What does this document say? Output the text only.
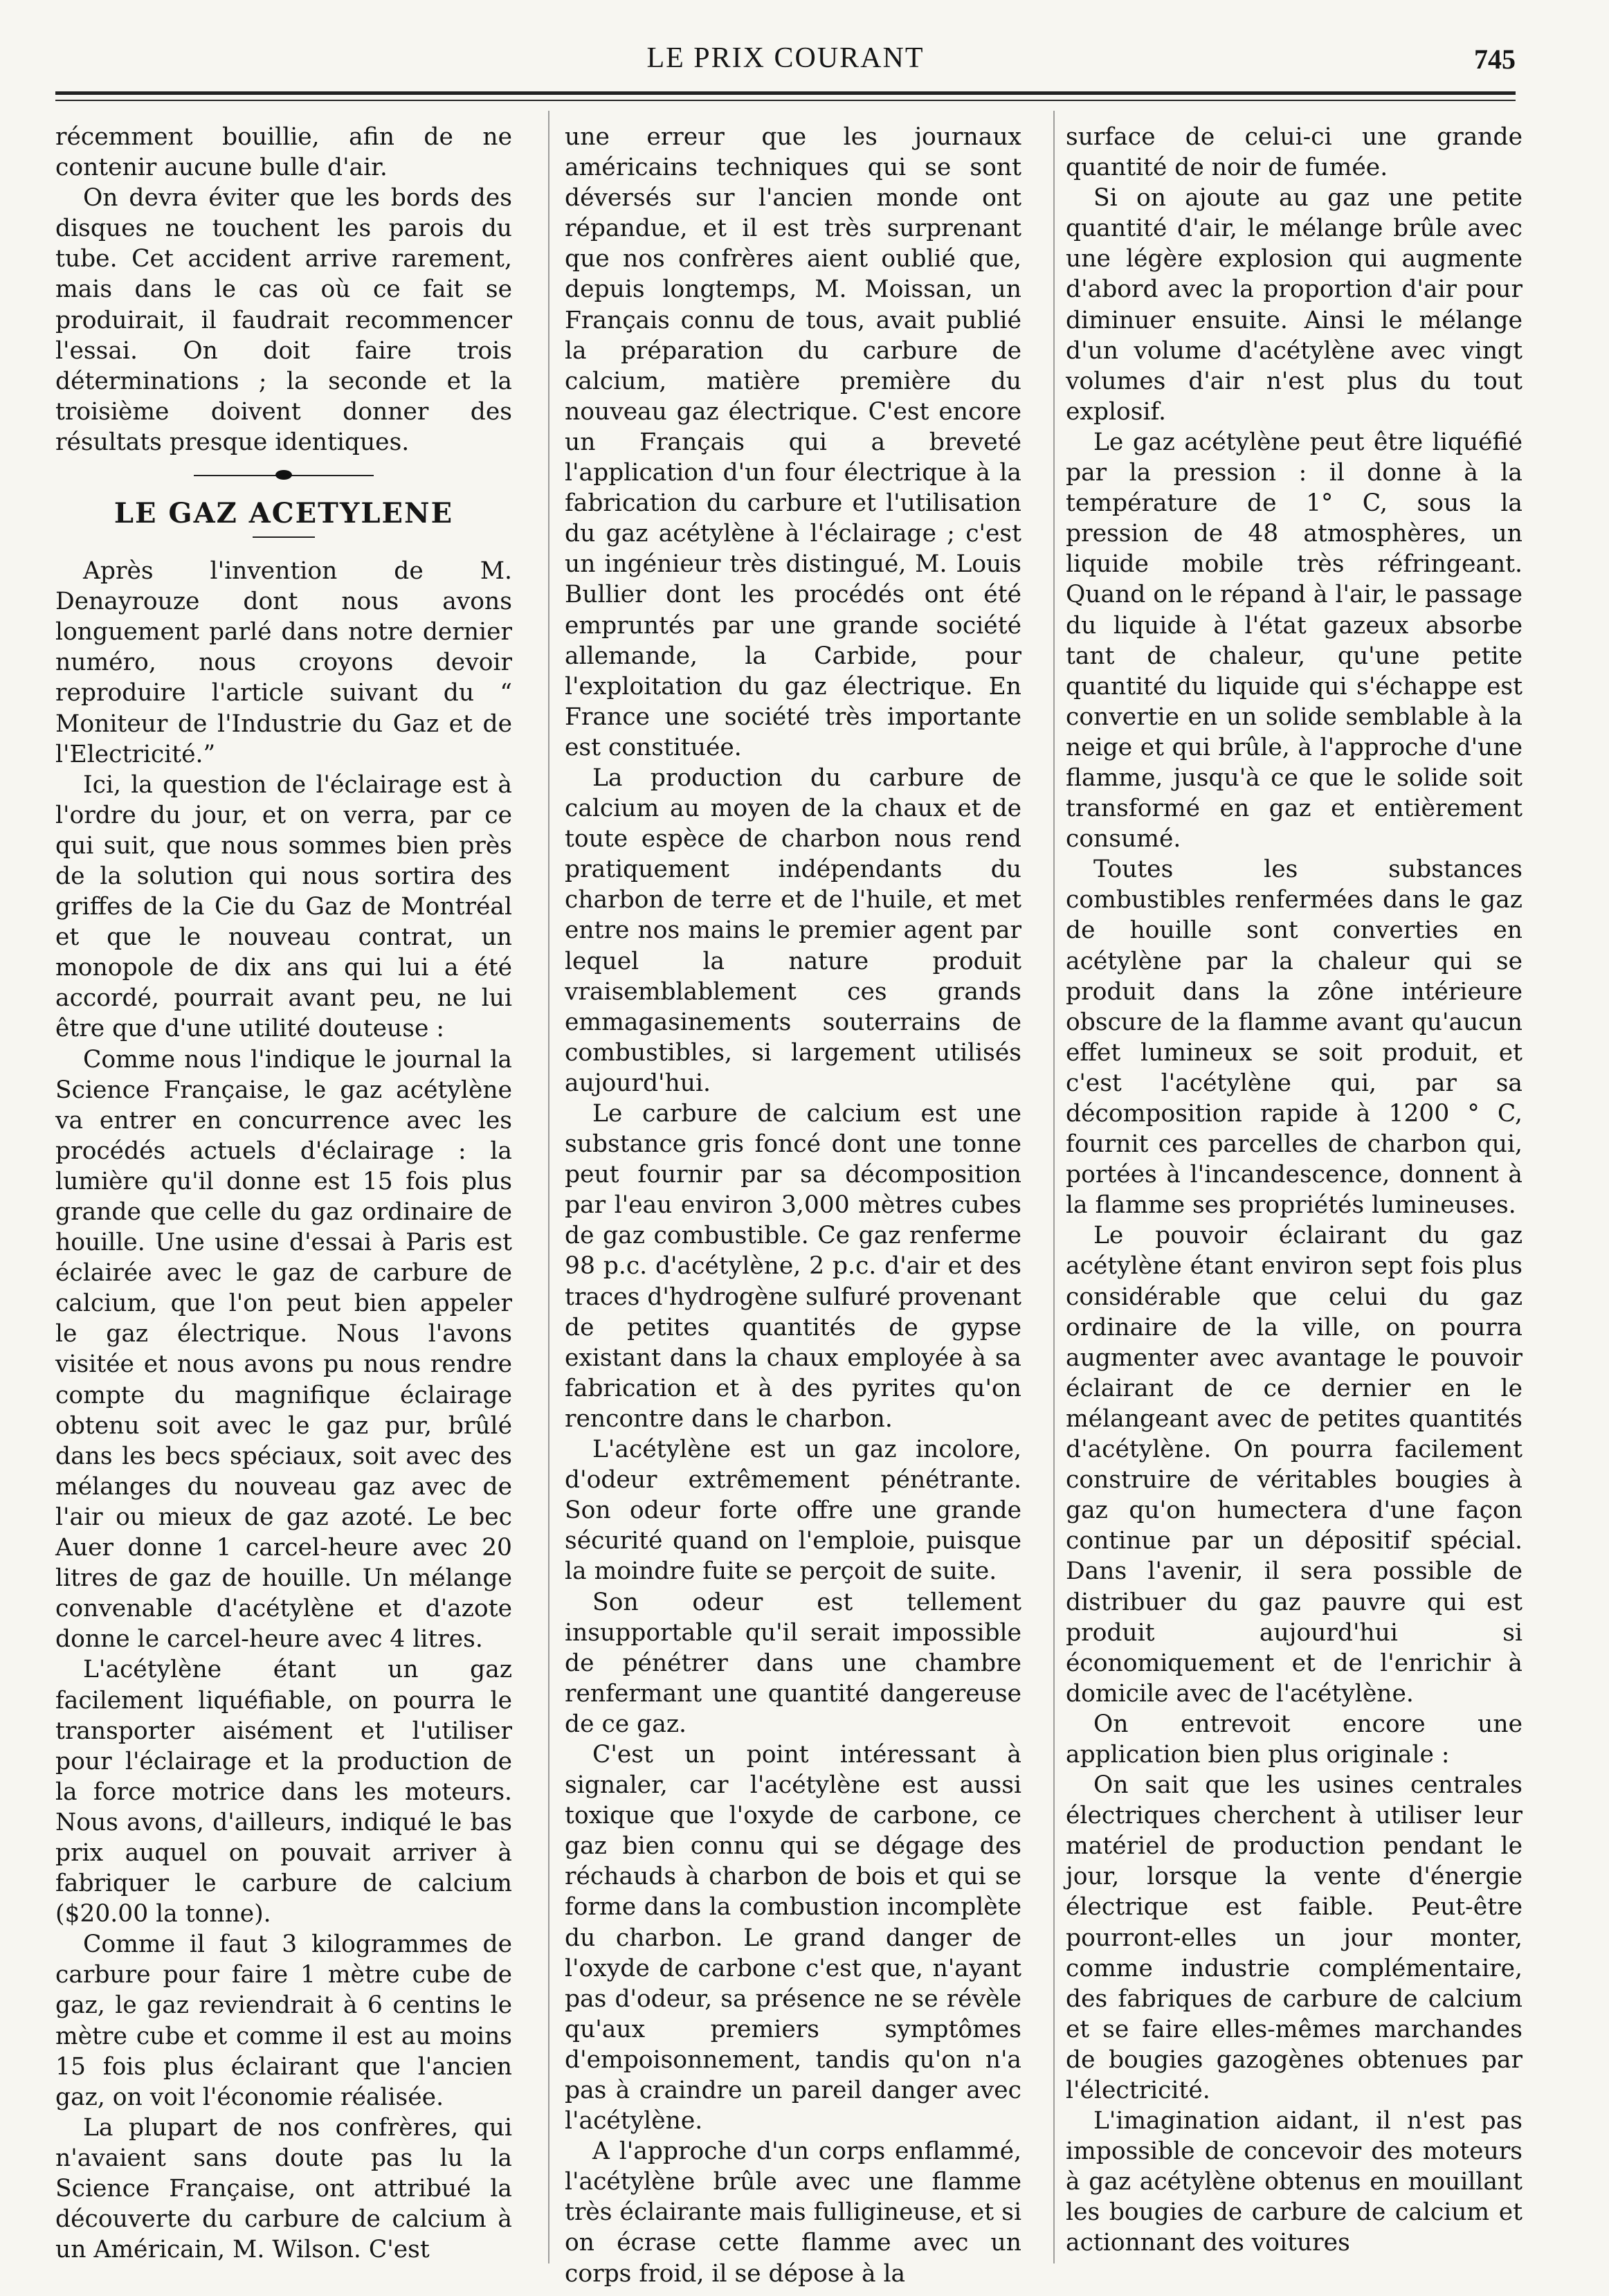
LE PRIX COURANT	745

récemment bouillie, afin de ne contenir aucune bulle d'air.

On devra éviter que les bords des disques ne touchent les parois du tube. Cet accident arrive rarement, mais dans le cas où ce fait se produirait, il faudrait recommencer l'essai. On doit faire trois déterminations ; la seconde et la troisième doivent donner des résultats presque identiques.

LE GAZ ACETYLENE

Après l'invention de M. Denayrouze dont nous avons longuement parlé dans notre dernier numéro, nous croyons devoir reproduire l'article suivant du “ Moniteur de l'Industrie du Gaz et de l'Electricité.”

Ici, la question de l'éclairage est à l'ordre du jour, et on verra, par ce qui suit, que nous sommes bien près de la solution qui nous sortira des griffes de la Cie du Gaz de Montréal et que le nouveau contrat, un monopole de dix ans qui lui a été accordé, pourrait avant peu, ne lui être que d'une utilité douteuse :

Comme nous l'indique le journal la Science Française, le gaz acétylène va entrer en concurrence avec les procédés actuels d'éclairage : la lumière qu'il donne est 15 fois plus grande que celle du gaz ordinaire de houille. Une usine d'essai à Paris est éclairée avec le gaz de carbure de calcium, que l'on peut bien appeler le gaz électrique. Nous l'avons visitée et nous avons pu nous rendre compte du magnifique éclairage obtenu soit avec le gaz pur, brûlé dans les becs spéciaux, soit avec des mélanges du nouveau gaz avec de l'air ou mieux de gaz azoté. Le bec Auer donne 1 carcel-heure avec 20 litres de gaz de houille. Un mélange convenable d'acétylène et d'azote donne le carcel-heure avec 4 litres.

L'acétylène étant un gaz facilement liquéfiable, on pourra le transporter aisément et l'utiliser pour l'éclairage et la production de la force motrice dans les moteurs. Nous avons, d'ailleurs, indiqué le bas prix auquel on pouvait arriver à fabriquer le carbure de calcium ($20.00 la tonne).

Comme il faut 3 kilogrammes de carbure pour faire 1 mètre cube de gaz, le gaz reviendrait à 6 centins le mètre cube et comme il est au moins 15 fois plus éclairant que l'ancien gaz, on voit l'économie réalisée.

La plupart de nos confrères, qui n'avaient sans doute pas lu la Science Française, ont attribué la découverte du carbure de calcium à un Américain, M. Wilson. C'est

une erreur que les journaux américains techniques qui se sont déversés sur l'ancien monde ont répandue, et il est très surprenant que nos confrères aient oublié que, depuis longtemps, M. Moissan, un Français connu de tous, avait publié la préparation du carbure de calcium, matière première du nouveau gaz électrique. C'est encore un Français qui a breveté l'application d'un four électrique à la fabrication du carbure et l'utilisation du gaz acétylène à l'éclairage ; c'est un ingénieur très distingué, M. Louis Bullier dont les procédés ont été empruntés par une grande société allemande, la Carbide, pour l'exploitation du gaz électrique. En France une société très importante est constituée.

La production du carbure de calcium au moyen de la chaux et de toute espèce de charbon nous rend pratiquement indépendants du charbon de terre et de l'huile, et met entre nos mains le premier agent par lequel la nature produit vraisemblablement ces grands emmagasinements souterrains de combustibles, si largement utilisés aujourd'hui.

Le carbure de calcium est une substance gris foncé dont une tonne peut fournir par sa décomposition par l'eau environ 3,000 mètres cubes de gaz combustible. Ce gaz renferme 98 p.c. d'acétylène, 2 p.c. d'air et des traces d'hydrogène sulfuré provenant de petites quantités de gypse existant dans la chaux employée à sa fabrication et à des pyrites qu'on rencontre dans le charbon.

L'acétylène est un gaz incolore, d'odeur extrêmement pénétrante. Son odeur forte offre une grande sécurité quand on l'emploie, puisque la moindre fuite se perçoit de suite.

Son odeur est tellement insupportable qu'il serait impossible de pénétrer dans une chambre renfermant une quantité dangereuse de ce gaz.

C'est un point intéressant à signaler, car l'acétylène est aussi toxique que l'oxyde de carbone, ce gaz bien connu qui se dégage des réchauds à charbon de bois et qui se forme dans la combustion incomplète du charbon. Le grand danger de l'oxyde de carbone c'est que, n'ayant pas d'odeur, sa présence ne se révèle qu'aux premiers symptômes d'empoisonnement, tandis qu'on n'a pas à craindre un pareil danger avec l'acétylène.

A l'approche d'un corps enflammé, l'acétylène brûle avec une flamme très éclairante mais fulligineuse, et si on écrase cette flamme avec un corps froid, il se dépose à la

surface de celui-ci une grande quantité de noir de fumée.

Si on ajoute au gaz une petite quantité d'air, le mélange brûle avec une légère explosion qui augmente d'abord avec la proportion d'air pour diminuer ensuite. Ainsi le mélange d'un volume d'acétylène avec vingt volumes d'air n'est plus du tout explosif.

Le gaz acétylène peut être liquéfié par la pression : il donne à la température de 1° C, sous la pression de 48 atmosphères, un liquide mobile très réfringeant. Quand on le répand à l'air, le passage du liquide à l'état gazeux absorbe tant de chaleur, qu'une petite quantité du liquide qui s'échappe est convertie en un solide semblable à la neige et qui brûle, à l'approche d'une flamme, jusqu'à ce que le solide soit transformé en gaz et entièrement consumé.

Toutes les substances combustibles renfermées dans le gaz de houille sont converties en acétylène par la chaleur qui se produit dans la zône intérieure obscure de la flamme avant qu'aucun effet lumineux se soit produit, et c'est l'acétylène qui, par sa décomposition rapide à 1200 ° C, fournit ces parcelles de charbon qui, portées à l'incandescence, donnent à la flamme ses propriétés lumineuses.

Le pouvoir éclairant du gaz acétylène étant environ sept fois plus considérable que celui du gaz ordinaire de la ville, on pourra augmenter avec avantage le pouvoir éclairant de ce dernier en le mélangeant avec de petites quantités d'acétylène. On pourra facilement construire de véritables bougies à gaz qu'on humectera d'une façon continue par un dépositif spécial. Dans l'avenir, il sera possible de distribuer du gaz pauvre qui est produit aujourd'hui si économiquement et de l'enrichir à domicile avec de l'acétylène.

On entrevoit encore une application bien plus originale :

On sait que les usines centrales électriques cherchent à utiliser leur matériel de production pendant le jour, lorsque la vente d'énergie électrique est faible. Peut-être pourront-elles un jour monter, comme industrie complémentaire, des fabriques de carbure de calcium et se faire elles-mêmes marchandes de bougies gazogènes obtenues par l'électricité.

L'imagination aidant, il n'est pas impossible de concevoir des moteurs à gaz acétylène obtenus en mouillant les bougies de carbure de calcium et actionnant des voitures
